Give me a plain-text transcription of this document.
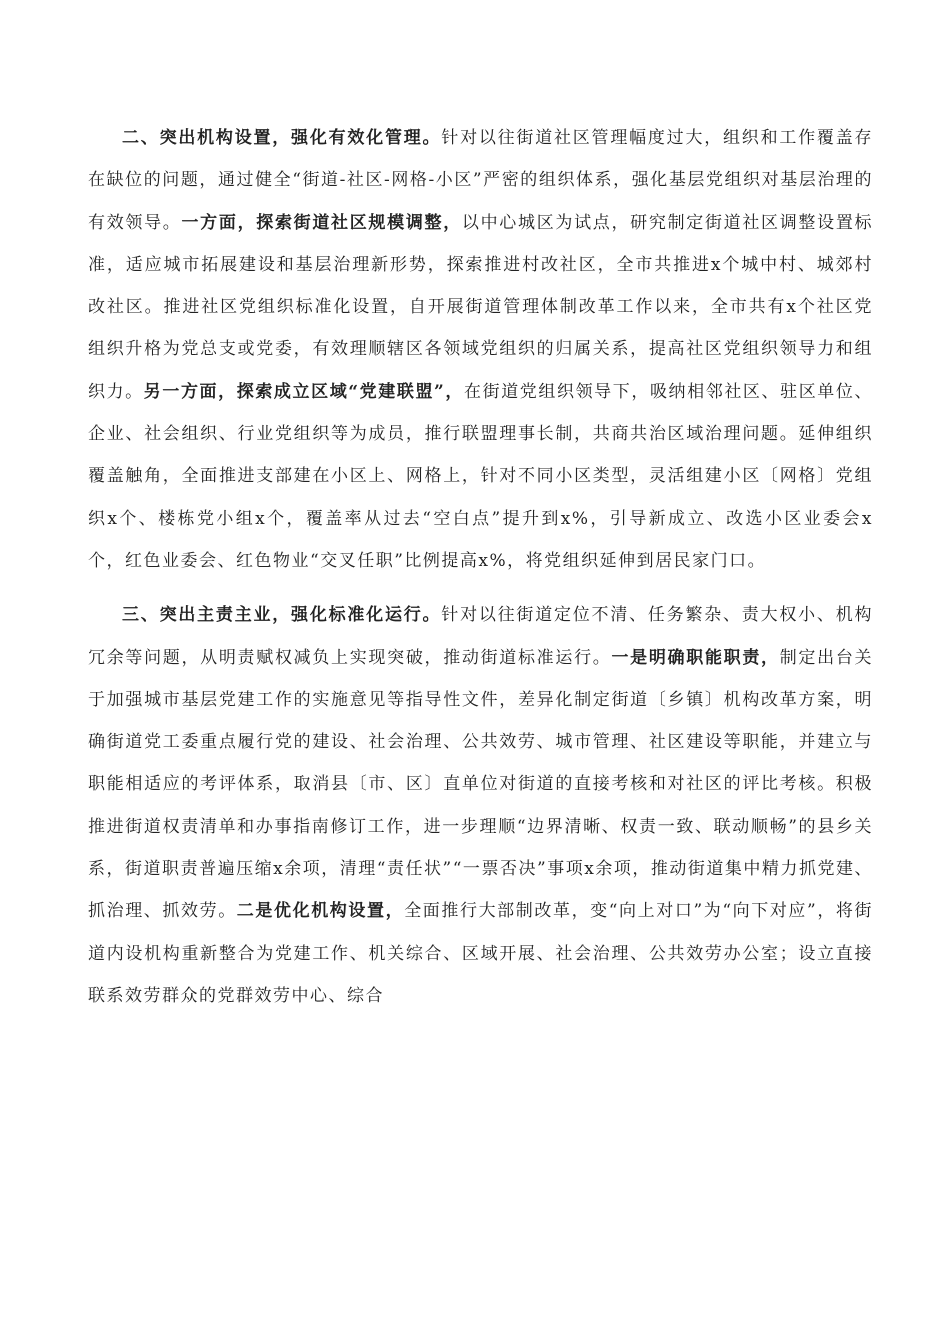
二、突出机构设置，强化有效化管理。针对以往街道社区管理幅度过大，组织和工作覆盖存在缺位的问题，通过健全“街道-社区-网格-小区”严密的组织体系，强化基层党组织对基层治理的有效领导。一方面，探索街道社区规模调整，以中心城区为试点，研究制定街道社区调整设置标准，适应城市拓展建设和基层治理新形势，探索推进村改社区，全市共推进x个城中村、城郊村改社区。推进社区党组织标准化设置，自开展街道管理体制改革工作以来，全市共有x个社区党组织升格为党总支或党委，有效理顺辖区各领域党组织的归属关系，提高社区党组织领导力和组织力。另一方面，探索成立区域“党建联盟”，在街道党组织领导下，吸纳相邻社区、驻区单位、企业、社会组织、行业党组织等为成员，推行联盟理事长制，共商共治区域治理问题。延伸组织覆盖触角，全面推进支部建在小区上、网格上，针对不同小区类型，灵活组建小区〔网格〕党组织x个、楼栋党小组x个，覆盖率从过去“空白点”提升到x%，引导新成立、改选小区业委会x个，红色业委会、红色物业“交叉任职”比例提高x%，将党组织延伸到居民家门口。

三、突出主责主业，强化标准化运行。针对以往街道定位不清、任务繁杂、责大权小、机构冗余等问题，从明责赋权减负上实现突破，推动街道标准运行。一是明确职能职责，制定出台关于加强城市基层党建工作的实施意见等指导性文件，差异化制定街道〔乡镇〕机构改革方案，明确街道党工委重点履行党的建设、社会治理、公共效劳、城市管理、社区建设等职能，并建立与职能相适应的考评体系，取消县〔市、区〕直单位对街道的直接考核和对社区的评比考核。积极推进街道权责清单和办事指南修订工作，进一步理顺“边界清晰、权责一致、联动顺畅”的县乡关系，街道职责普遍压缩x余项，清理“责任状”“一票否决”事项x余项，推动街道集中精力抓党建、抓治理、抓效劳。二是优化机构设置，全面推行大部制改革，变“向上对口”为“向下对应”，将街道内设机构重新整合为党建工作、机关综合、区域开展、社会治理、公共效劳办公室；设立直接联系效劳群众的党群效劳中心、综合
